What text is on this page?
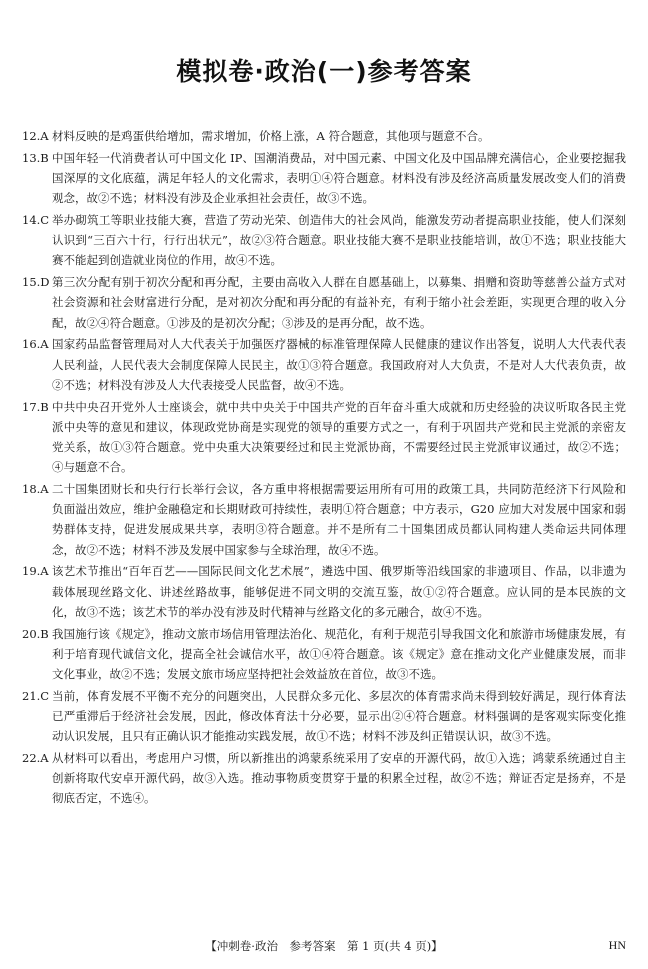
模拟卷·政治(一)参考答案
12.A 材料反映的是鸡蛋供给增加，需求增加，价格上涨，A 符合题意，其他项与题意不合。
13.B 中国年轻一代消费者认可中国文化 IP、国潮消费品，对中国元素、中国文化及中国品牌充满信心，企业要挖掘我国深厚的文化底蕴，满足年轻人的文化需求，表明①④符合题意。材料没有涉及经济高质量发展改变人们的消费观念，故②不选；材料没有涉及企业承担社会责任，故③不选。
14.C 举办砌筑工等职业技能大赛，营造了劳动光荣、创造伟大的社会风尚，能激发劳动者提高职业技能，使人们深刻认识到“三百六十行，行行出状元”，故②③符合题意。职业技能大赛不是职业技能培训，故①不选；职业技能大赛不能起到创造就业岗位的作用，故④不选。
15.D 第三次分配有别于初次分配和再分配，主要由高收入人群在自愿基础上，以募集、捐赠和资助等慈善公益方式对社会资源和社会财富进行分配，是对初次分配和再分配的有益补充，有利于缩小社会差距，实现更合理的收入分配，故②④符合题意。①涉及的是初次分配；③涉及的是再分配，故不选。
16.A 国家药品监督管理局对人大代表关于加强医疗器械的标准管理保障人民健康的建议作出答复，说明人大代表代表人民利益，人民代表大会制度保障人民民主，故①③符合题意。我国政府对人大负责，不是对人大代表负责，故②不选；材料没有涉及人大代表接受人民监督，故④不选。
17.B 中共中央召开党外人士座谈会，就中共中央关于中国共产党的百年奋斗重大成就和历史经验的决议听取各民主党派中央等的意见和建议，体现政党协商是实现党的领导的重要方式之一，有利于巩固共产党和民主党派的亲密友党关系，故①③符合题意。党中央重大决策要经过和民主党派协商，不需要经过民主党派审议通过，故②不选；④与题意不合。
18.A 二十国集团财长和央行行长举行会议，各方重申将根据需要运用所有可用的政策工具，共同防范经济下行风险和负面溢出效应，维护金融稳定和长期财政可持续性，表明①符合题意；中方表示，G20 应加大对发展中国家和弱势群体支持，促进发展成果共享，表明③符合题意。并不是所有二十国集团成员都认同构建人类命运共同体理念，故②不选；材料不涉及发展中国家参与全球治理，故④不选。
19.A 该艺术节推出“百年百艺——国际民间文化艺术展”，遴选中国、俄罗斯等沿线国家的非遗项目、作品，以非遗为载体展现丝路文化、讲述丝路故事，能够促进不同文明的交流互鉴，故①②符合题意。应认同的是本民族的文化，故③不选；该艺术节的举办没有涉及时代精神与丝路文化的多元融合，故④不选。
20.B 我国施行该《规定》，推动文旅市场信用管理法治化、规范化，有利于规范引导我国文化和旅游市场健康发展，有利于培育现代诚信文化，提高全社会诚信水平，故①④符合题意。该《规定》意在推动文化产业健康发展，而非文化事业，故②不选；发展文旅市场应坚持把社会效益放在首位，故③不选。
21.C 当前，体育发展不平衡不充分的问题突出，人民群众多元化、多层次的体育需求尚未得到较好满足，现行体育法已严重滞后于经济社会发展，因此，修改体育法十分必要，显示出②④符合题意。材料强调的是客观实际变化推动认识发展，且只有正确认识才能推动实践发展，故①不选；材料不涉及纠正错误认识，故③不选。
22.A 从材料可以看出，考虑用户习惯，所以新推出的鸿蒙系统采用了安卓的开源代码，故①入选；鸿蒙系统通过自主创新将取代安卓开源代码，故③入选。推动事物质变贯穿于量的积累全过程，故②不选；辩证否定是扬弃，不是彻底否定，不选④。
【冲刺卷·政治　参考答案　第 1 页(共 4 页)】	HN
